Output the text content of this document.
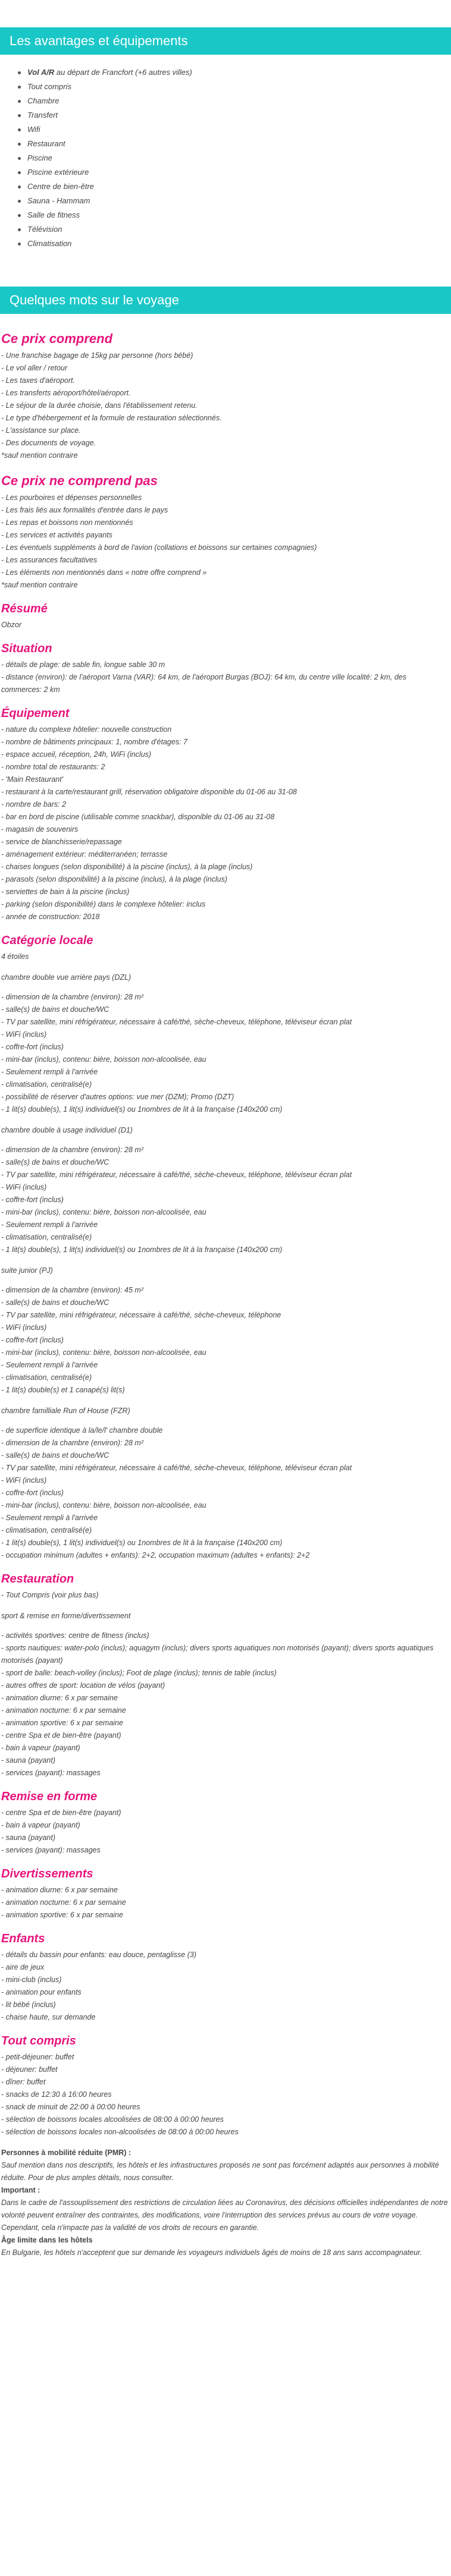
Les avantages et équipements
Vol A/R au départ de Francfort (+6 autres villes)
Tout compris
Chambre
Transfert
Wifi
Restaurant
Piscine
Piscine extérieure
Centre de bien-être
Sauna - Hammam
Salle de fitness
Télévision
Climatisation
Quelques mots sur le voyage
Ce prix comprend
- Une franchise bagage de 15kg par personne (hors bébé)
- Le vol aller / retour
- Les taxes d'aéroport.
- Les transferts aéroport/hôtel/aéroport.
- Le séjour de la durée choisie, dans l'établissement retenu.
- Le type d'hébergement et la formule de restauration sélectionnés.
- L'assistance sur place.
- Des documents de voyage.
*sauf mention contraire
Ce prix ne comprend pas
- Les pourboires et dépenses personnelles
- Les frais liés aux formalités d'entrée dans le pays
- Les repas et boissons non mentionnés
- Les services et activités payants
- Les éventuels suppléments à bord de l'avion (collations et boissons sur certaines compagnies)
- Les assurances facultatives
- Les éléments non mentionnés dans « notre offre comprend »
*sauf mention contraire
Résumé
Obzor
Situation
- détails de plage: de sable fin, longue sable 30 m
- distance (environ): de l'aéroport Varna (VAR): 64 km, de l'aéroport Burgas (BOJ): 64 km, du centre ville localité: 2 km, des commerces: 2 km
Équipement
- nature du complexe hôtelier: nouvelle construction
- nombre de bâtiments principaux: 1, nombre d'étages: 7
- espace accueil, réception, 24h, WiFi (inclus)
- nombre total de restaurants: 2
- 'Main Restaurant'
- restaurant à la carte/restaurant grill, réservation obligatoire disponible du 01-06 au 31-08
- nombre de bars: 2
- bar en bord de piscine (utilisable comme snackbar), disponible du 01-06 au 31-08
- magasin de souvenirs
- service de blanchisserie/repassage
- aménagement extérieur: méditerranéen; terrasse
- chaises longues (selon disponibilité) à la piscine (inclus), à la plage (inclus)
- parasols (selon disponibilité) à la piscine (inclus), à la plage (inclus)
- serviettes de bain à la piscine (inclus)
- parking (selon disponibilité) dans le complexe hôtelier: inclus
- année de construction: 2018
Catégorie locale
4 étoiles
chambre double vue arrière pays (DZL)
- dimension de la chambre (environ): 28 m²
- salle(s) de bains et douche/WC
- TV par satellite, mini réfrigérateur, nécessaire à café/thé, sèche-cheveux, téléphone, téléviseur écran plat
- WiFi (inclus)
- coffre-fort (inclus)
- mini-bar (inclus), contenu: bière, boisson non-alcoolisée, eau
- Seulement rempli à l'arrivée
- climatisation, centralisé(e)
- possibilité de réserver d'autres options: vue mer (DZM); Promo (DZT)
- 1 lit(s) double(s), 1 lit(s) individuel(s) ou 1nombres de lit à la française (140x200 cm)
chambre double à usage individuel (D1)
- dimension de la chambre (environ): 28 m²
- salle(s) de bains et douche/WC
- TV par satellite, mini réfrigérateur, nécessaire à café/thé, sèche-cheveux, téléphone, téléviseur écran plat
- WiFi (inclus)
- coffre-fort (inclus)
- mini-bar (inclus), contenu: bière, boisson non-alcoolisée, eau
- Seulement rempli à l'arrivée
- climatisation, centralisé(e)
- 1 lit(s) double(s), 1 lit(s) individuel(s) ou 1nombres de lit à la française (140x200 cm)
suite junior (PJ)
- dimension de la chambre (environ): 45 m²
- salle(s) de bains et douche/WC
- TV par satellite, mini réfrigérateur, nécessaire à café/thé, sèche-cheveux, téléphone
- WiFi (inclus)
- coffre-fort (inclus)
- mini-bar (inclus), contenu: bière, boisson non-alcoolisée, eau
- Seulement rempli à l'arrivée
- climatisation, centralisé(e)
- 1 lit(s) double(s) et 1 canapé(s) lit(s)
chambre familliale Run of House (FZR)
- de superficie identique à la/le/l' chambre double
- dimension de la chambre (environ): 28 m²
- salle(s) de bains et douche/WC
- TV par satellite, mini réfrigérateur, nécessaire à café/thé, sèche-cheveux, téléphone, téléviseur écran plat
- WiFi (inclus)
- coffre-fort (inclus)
- mini-bar (inclus), contenu: bière, boisson non-alcoolisée, eau
- Seulement rempli à l'arrivée
- climatisation, centralisé(e)
- 1 lit(s) double(s), 1 lit(s) individuel(s) ou 1nombres de lit à la française (140x200 cm)
- occupation minimum (adultes + enfants): 2+2, occupation maximum (adultes + enfants): 2+2
Restauration
- Tout Compris (voir plus bas)
sport & remise en forme/divertissement
- activités sportives: centre de fitness (inclus)
- sports nautiques: water-polo (inclus); aquagym (inclus); divers sports aquatiques non motorisés (payant); divers sports aquatiques motorisés (payant)
- sport de balle: beach-volley (inclus); Foot de plage (inclus); tennis de table (inclus)
- autres offres de sport: location de vélos (payant)
- animation diurne: 6 x par semaine
- animation nocturne: 6 x par semaine
- animation sportive: 6 x par semaine
- centre Spa et de bien-être (payant)
- bain à vapeur (payant)
- sauna (payant)
- services (payant): massages
Remise en forme
- centre Spa et de bien-être (payant)
- bain à vapeur (payant)
- sauna (payant)
- services (payant): massages
Divertissements
- animation diurne: 6 x par semaine
- animation nocturne: 6 x par semaine
- animation sportive: 6 x par semaine
Enfants
- détails du bassin pour enfants: eau douce, pentaglisse (3)
- aire de jeux
- mini-club (inclus)
- animation pour enfants
- lit bébé (inclus)
- chaise haute, sur demande
Tout compris
- petit-déjeuner: buffet
- déjeuner: buffet
- dîner: buffet
- snacks de 12:30 à 16:00 heures
- snack de minuit de 22:00 à 00:00 heures
- sélection de boissons locales alcoolisées de 08:00 à 00:00 heures
- sélection de boissons locales non-alcoolisées de 08:00 à 00:00 heures
Personnes à mobilité réduite (PMR) :
Sauf mention dans nos descriptifs, les hôtels et les infrastructures proposés ne sont pas forcément adaptés aux personnes à mobilité réduite. Pour de plus amples détails, nous consulter.
Important :
Dans le cadre de l'assouplissement des restrictions de circulation liées au Coronavirus, des décisions officielles indépendantes de notre volonté peuvent entraîner des contraintes, des modifications, voire l'interruption des services prévus au cours de votre voyage.
Cependant, cela n'impacte pas la validité de vos droits de recours en garantie.
Âge limite dans les hôtels
En Bulgarie, les hôtels n'acceptent que sur demande les voyageurs individuels âgés de moins de 18 ans sans accompagnateur.
